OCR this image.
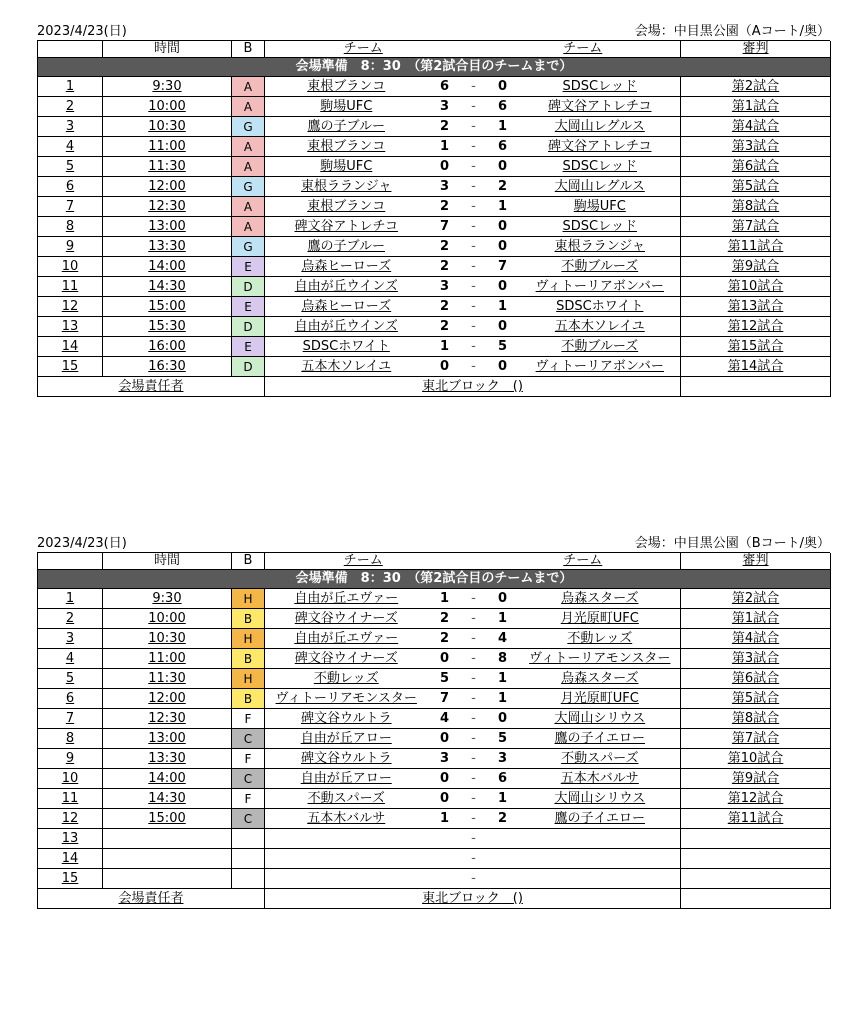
2023/4/23(日)	会場：中目黒公園（Aコート/奥）
	時間	B	チーム			チーム		審判
会場準備　8：30　（第2試合目のチームまで）								
1	9:30	A	東根ブランコ	6	-	0	SDSCレッド	第2試合
2	10:00	A	駒場UFC	3	-	6	碑文谷アトレチコ	第1試合
3	10:30	G	鷹の子ブルー	2	-	1	大岡山レグルス	第4試合
4	11:00	A	東根ブランコ	1	-	6	碑文谷アトレチコ	第3試合
5	11:30	A	駒場UFC	0	-	0	SDSCレッド	第6試合
6	12:00	G	東根ラランジャ	3	-	2	大岡山レグルス	第5試合
7	12:30	A	東根ブランコ	2	-	1	駒場UFC	第8試合
8	13:00	A	碑文谷アトレチコ	7	-	0	SDSCレッド	第7試合
9	13:30	G	鷹の子ブルー	2	-	0	東根ラランジャ	第11試合
10	14:00	E	烏森ヒーローズ	2	-	7	不動ブルーズ	第9試合
11	14:30	D	自由が丘ウインズ	3	-	0	ヴィトーリアボンバー	第10試合
12	15:00	E	烏森ヒーローズ	2	-	1	SDSCホワイト	第13試合
13	15:30	D	自由が丘ウインズ	2	-	0	五本木ソレイユ	第12試合
14	16:00	E	SDSCホワイト	1	-	5	不動ブルーズ	第15試合
15	16:30	D	五本木ソレイユ	0	-	0	ヴィトーリアボンバー	第14試合
会場責任者			東北ブロック　()					
2023/4/23(日)	会場：中目黒公園（Bコート/奥）
	時間	B	チーム			チーム		審判
会場準備　8：30　（第2試合目のチームまで）								
1	9:30	H	自由が丘エヴァー	1	-	0	烏森スターズ	第2試合
2	10:00	B	碑文谷ウイナーズ	2	-	1	月光原町UFC	第1試合
3	10:30	H	自由が丘エヴァー	2	-	4	不動レッズ	第4試合
4	11:00	B	碑文谷ウイナーズ	0	-	8	ヴィトーリアモンスター	第3試合
5	11:30	H	不動レッズ	5	-	1	烏森スターズ	第6試合
6	12:00	B	ヴィトーリアモンスター	7	-	1	月光原町UFC	第5試合
7	12:30	F	碑文谷ウルトラ	4	-	0	大岡山シリウス	第8試合
8	13:00	C	自由が丘アロー	0	-	5	鷹の子イエロー	第7試合
9	13:30	F	碑文谷ウルトラ	3	-	3	不動スパーズ	第10試合
10	14:00	C	自由が丘アロー	0	-	6	五本木バルサ	第9試合
11	14:30	F	不動スパーズ	0	-	1	大岡山シリウス	第12試合
12	15:00	C	五本木バルサ	1	-	2	鷹の子イエロー	第11試合
13					-			
14					-			
15					-			
会場責任者			東北ブロック　()					
